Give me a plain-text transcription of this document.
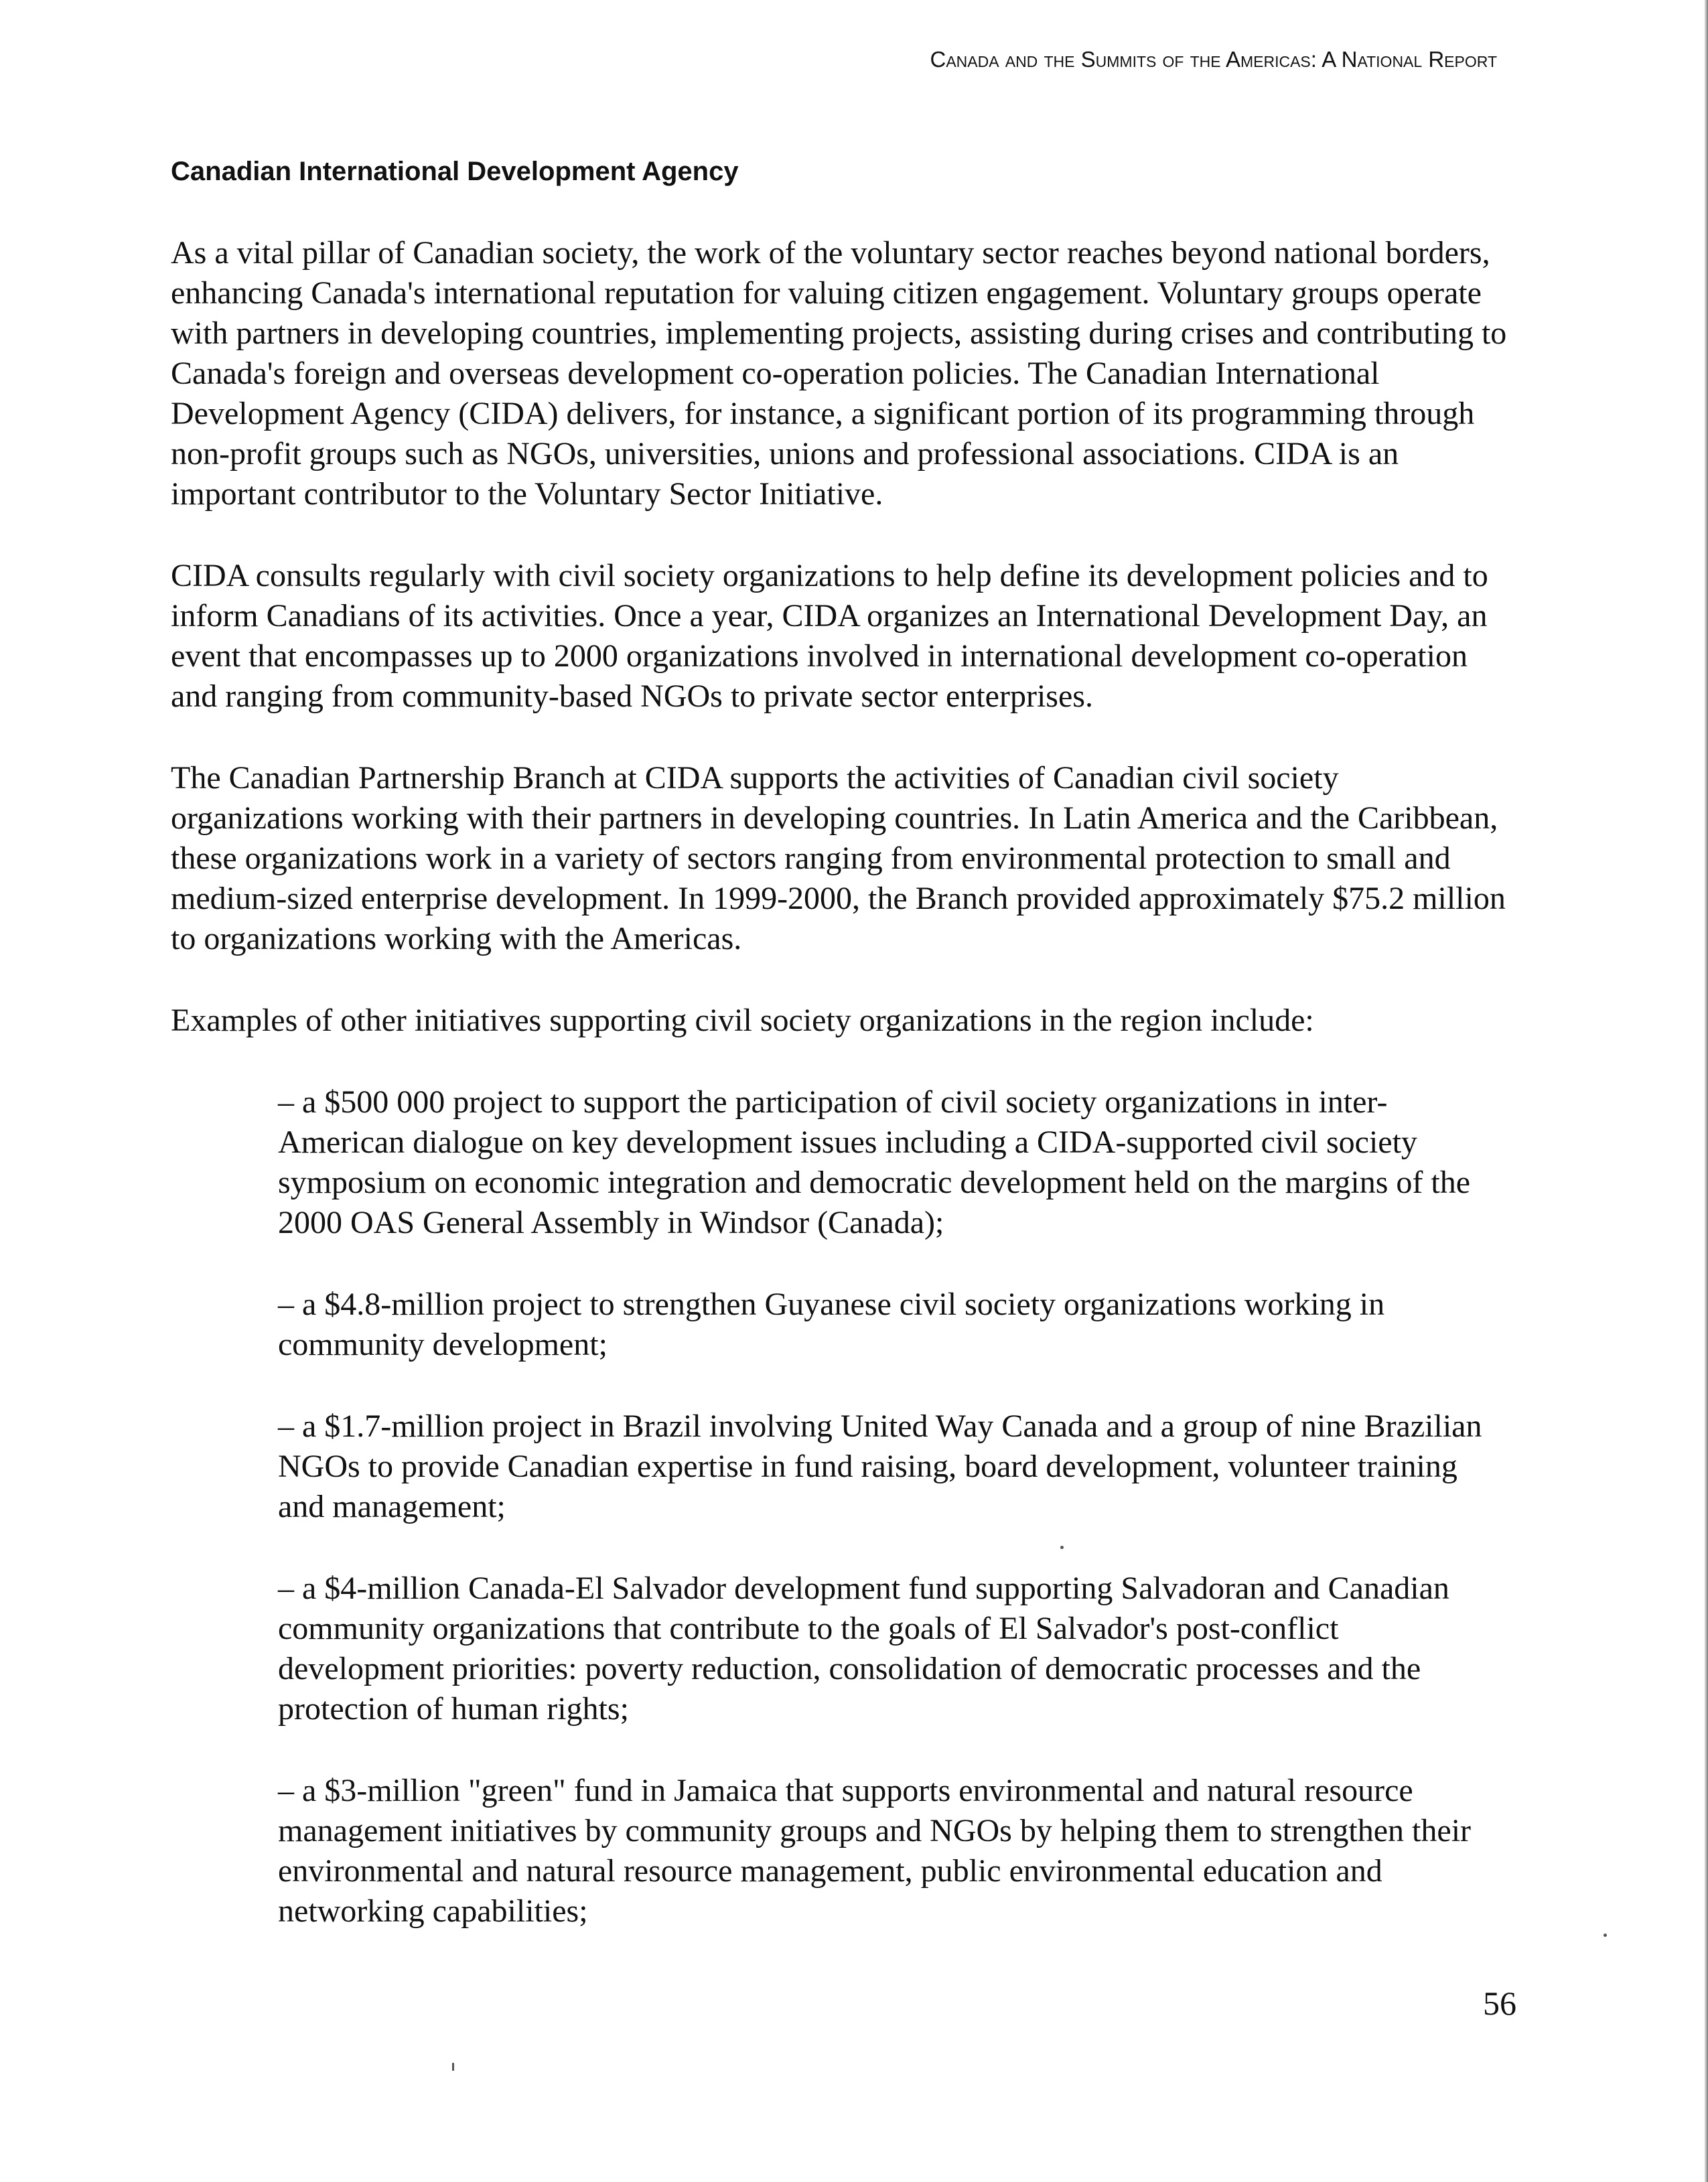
Canada and the Summits of the Americas: A National Report
Canadian International Development Agency

As a vital pillar of Canadian society, the work of the voluntary sector reaches beyond national borders, enhancing Canada's international reputation for valuing citizen engagement. Voluntary groups operate with partners in developing countries, implementing projects, assisting during crises and contributing to Canada's foreign and overseas development co-operation policies. The Canadian International Development Agency (CIDA) delivers, for instance, a significant portion of its programming through non-profit groups such as NGOs, universities, unions and professional associations. CIDA is an important contributor to the Voluntary Sector Initiative.

CIDA consults regularly with civil society organizations to help define its development policies and to inform Canadians of its activities. Once a year, CIDA organizes an International Development Day, an event that encompasses up to 2000 organizations involved in international development co-operation and ranging from community-based NGOs to private sector enterprises.

The Canadian Partnership Branch at CIDA supports the activities of Canadian civil society organizations working with their partners in developing countries. In Latin America and the Caribbean, these organizations work in a variety of sectors ranging from environmental protection to small and medium-sized enterprise development. In 1999-2000, the Branch provided approximately $75.2 million to organizations working with the Americas.

Examples of other initiatives supporting civil society organizations in the region include:

– a $500 000 project to support the participation of civil society organizations in inter-American dialogue on key development issues including a CIDA-supported civil society symposium on economic integration and democratic development held on the margins of the 2000 OAS General Assembly in Windsor (Canada);
– a $4.8-million project to strengthen Guyanese civil society organizations working in community development;
– a $1.7-million project in Brazil involving United Way Canada and a group of nine Brazilian NGOs to provide Canadian expertise in fund raising, board development, volunteer training and management;
– a $4-million Canada-El Salvador development fund supporting Salvadoran and Canadian community organizations that contribute to the goals of El Salvador's post-conflict development priorities: poverty reduction, consolidation of democratic processes and the protection of human rights;
– a $3-million "green" fund in Jamaica that supports environmental and natural resource management initiatives by community groups and NGOs by helping them to strengthen their environmental and natural resource management, public environmental education and networking capabilities;
56
